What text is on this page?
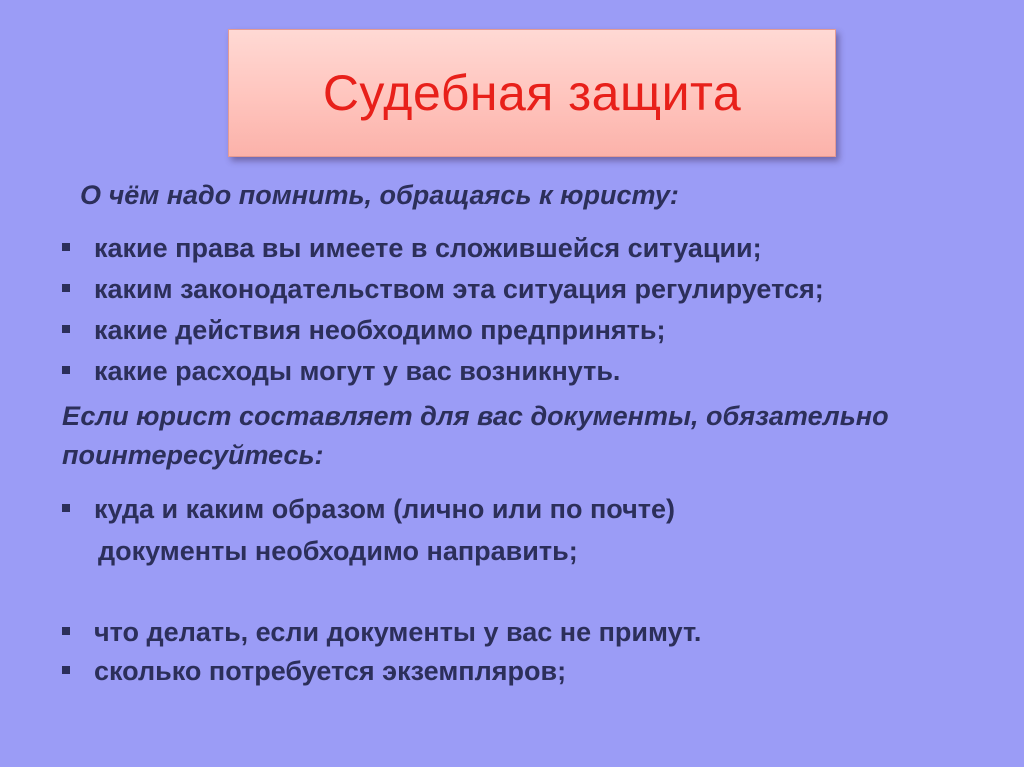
Судебная защита
О чём надо помнить, обращаясь к юристу:
какие права вы имеете в сложившейся ситуации;
каким законодательством эта ситуация регулируется;
какие действия необходимо предпринять;
какие расходы могут у вас возникнуть.
Если юрист составляет для вас документы, обязательно
поинтересуйтесь:
куда и каким образом (лично или по почте)
документы необходимо направить;
что делать, если документы у вас не примут.
сколько потребуется экземпляров;
